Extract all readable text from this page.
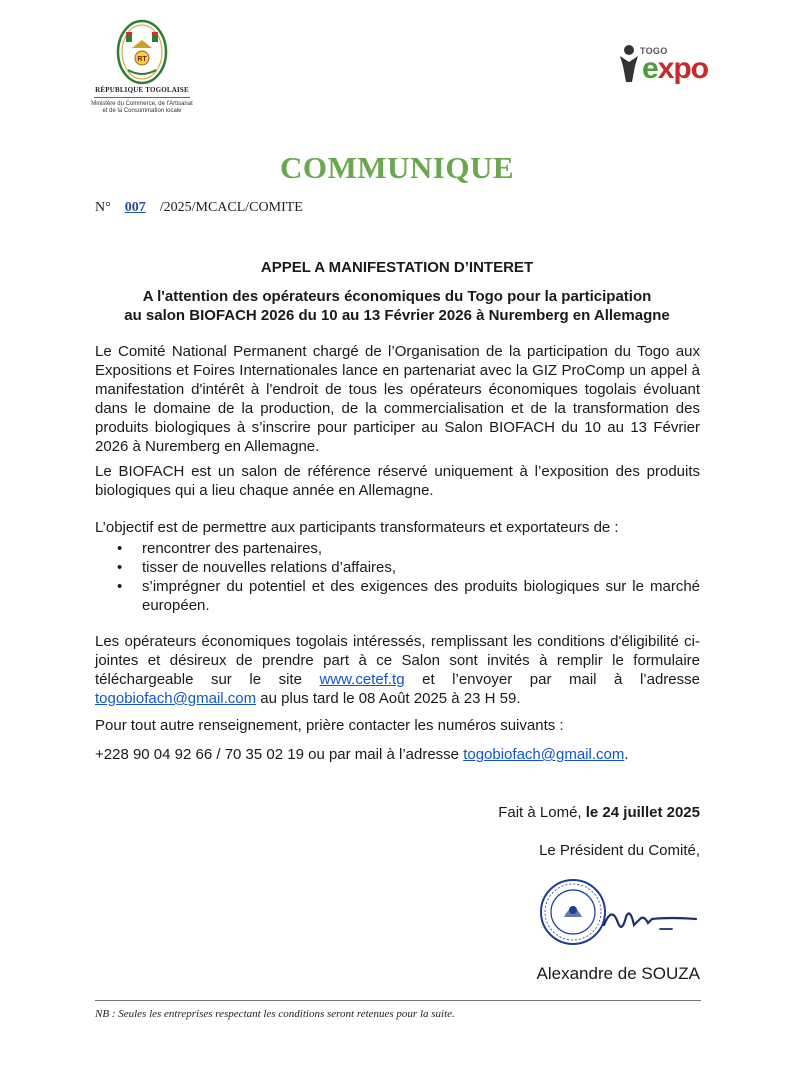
RT
RÉPUBLIQUE TOGOLAISE
Ministère du Commerce, de l'Artisanat
et de la Consommation locale
TOGO
expo
COMMUNIQUE
N° 007 /2025/MCACL/COMITE
APPEL A MANIFESTATION D’INTERET
A l'attention des opérateurs économiques du Togo pour la participation
au salon BIOFACH 2026 du 10 au 13 Février 2026 à Nuremberg en Allemagne
Le Comité National Permanent chargé de l’Organisation de la participation du Togo aux Expositions et Foires Internationales lance en partenariat avec la GIZ ProComp un appel à manifestation d'intérêt à l'endroit de tous les opérateurs économiques togolais évoluant dans le domaine de la production, de la commercialisation et de la transformation des produits biologiques à s’inscrire pour participer au Salon BIOFACH du 10 au 13 Février 2026 à Nuremberg en Allemagne.
Le BIOFACH est un salon de référence réservé uniquement à l’exposition des produits biologiques qui a lieu chaque année en Allemagne.
L’objectif est de permettre aux participants transformateurs et exportateurs de :
• rencontrer des partenaires,
• tisser de nouvelles relations d’affaires,
• s’imprégner du potentiel et des exigences des produits biologiques sur le marché européen.
Les opérateurs économiques togolais intéressés, remplissant les conditions d'éligibilité ci-jointes et désireux de prendre part à ce Salon sont invités à remplir le formulaire téléchargeable sur le site www.cetef.tg et l’envoyer par mail à l’adresse togobiofach@gmail.com au plus tard le 08 Août 2025 à 23 H 59.
Pour tout autre renseignement, prière contacter les numéros suivants :
+228 90 04 92 66 / 70 35 02 19 ou par mail à l’adresse togobiofach@gmail.com.
Fait à Lomé, le 24 juillet 2025
Le Président du Comité,
Alexandre de SOUZA
NB : Seules les entreprises respectant les conditions seront retenues pour la suite.
